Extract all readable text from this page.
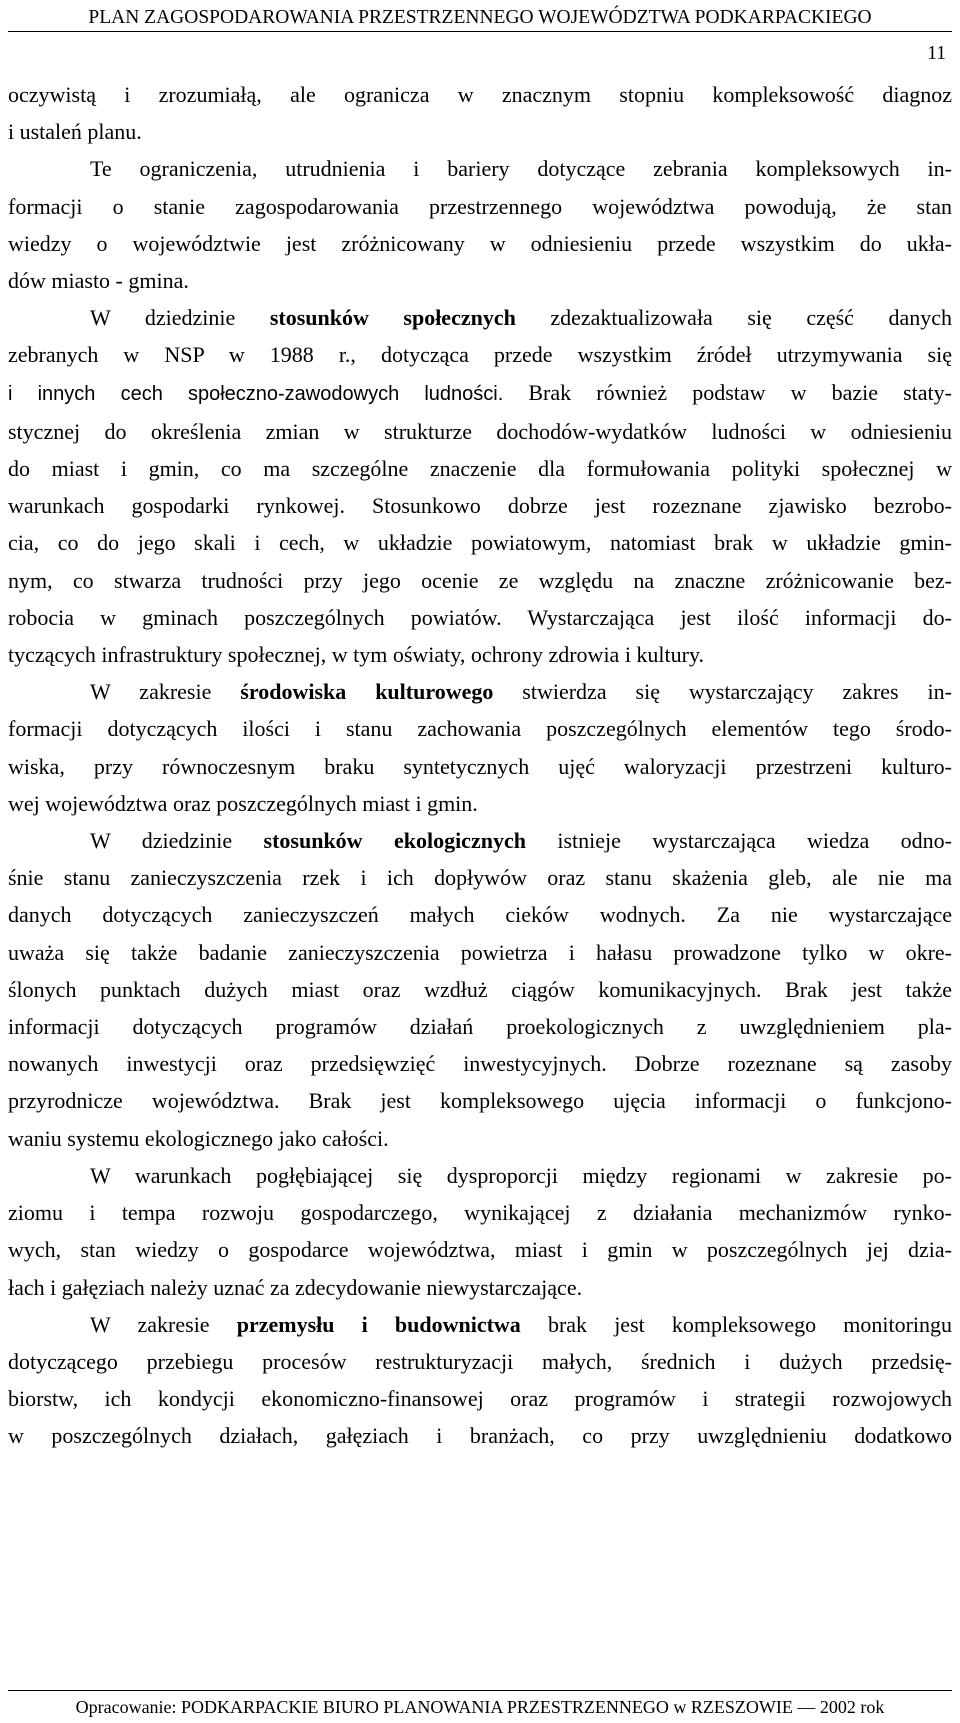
PLAN ZAGOSPODAROWANIA PRZESTRZENNEGO WOJEWÓDZTWA PODKARPACKIEGO
11
oczywistą i zrozumiałą, ale ogranicza w znacznym stopniu kompleksowość diagnoz
i ustaleń planu.
Te ograniczenia, utrudnienia i bariery dotyczące zebrania kompleksowych in-
formacji o stanie zagospodarowania przestrzennego województwa powodują, że stan
wiedzy o województwie jest zróżnicowany w odniesieniu przede wszystkim do ukła-
dów miasto - gmina.
W dziedzinie stosunków społecznych zdezaktualizowała się część danych
zebranych w NSP w 1988 r., dotycząca przede wszystkim źródeł utrzymywania się
i innych cech społeczno-zawodowych ludności. Brak również podstaw w bazie staty-
stycznej do określenia zmian w strukturze dochodów-wydatków ludności w odniesieniu
do miast i gmin, co ma szczególne znaczenie dla formułowania polityki społecznej w
warunkach gospodarki rynkowej. Stosunkowo dobrze jest rozeznane zjawisko bezrobo-
cia, co do jego skali i cech, w układzie powiatowym, natomiast brak w układzie gmin-
nym, co stwarza trudności przy jego ocenie ze względu na znaczne zróżnicowanie bez-
robocia w gminach poszczególnych powiatów. Wystarczająca jest ilość informacji do-
tyczących infrastruktury społecznej, w tym oświaty, ochrony zdrowia i kultury.
W zakresie środowiska kulturowego stwierdza się wystarczający zakres in-
formacji dotyczących ilości i stanu zachowania poszczególnych elementów tego środo-
wiska, przy równoczesnym braku syntetycznych ujęć waloryzacji przestrzeni kulturo-
wej województwa oraz poszczególnych miast i gmin.
W dziedzinie stosunków ekologicznych istnieje wystarczająca wiedza odno-
śnie stanu zanieczyszczenia rzek i ich dopływów oraz stanu skażenia gleb, ale nie ma
danych dotyczących zanieczyszczeń małych cieków wodnych. Za nie wystarczające
uważa się także badanie zanieczyszczenia powietrza i hałasu prowadzone tylko w okre-
ślonych punktach dużych miast oraz wzdłuż ciągów komunikacyjnych. Brak jest także
informacji dotyczących programów działań proekologicznych z uwzględnieniem pla-
nowanych inwestycji oraz przedsięwzięć inwestycyjnych. Dobrze rozeznane są zasoby
przyrodnicze województwa. Brak jest kompleksowego ujęcia informacji o funkcjono-
waniu systemu ekologicznego jako całości.
W warunkach pogłębiającej się dysproporcji między regionami w zakresie po-
ziomu i tempa rozwoju gospodarczego, wynikającej z działania mechanizmów rynko-
wych, stan wiedzy o gospodarce województwa, miast i gmin w poszczególnych jej dzia-
łach i gałęziach należy uznać za zdecydowanie niewystarczające.
W zakresie przemysłu i budownictwa brak jest kompleksowego monitoringu
dotyczącego przebiegu procesów restrukturyzacji małych, średnich i dużych przedsię-
biorstw, ich kondycji ekonomiczno-finansowej oraz programów i strategii rozwojowych
w poszczególnych działach, gałęziach i branżach, co przy uwzględnieniu dodatkowo
Opracowanie: PODKARPACKIE BIURO PLANOWANIA PRZESTRZENNEGO w RZESZOWIE — 2002 rok
